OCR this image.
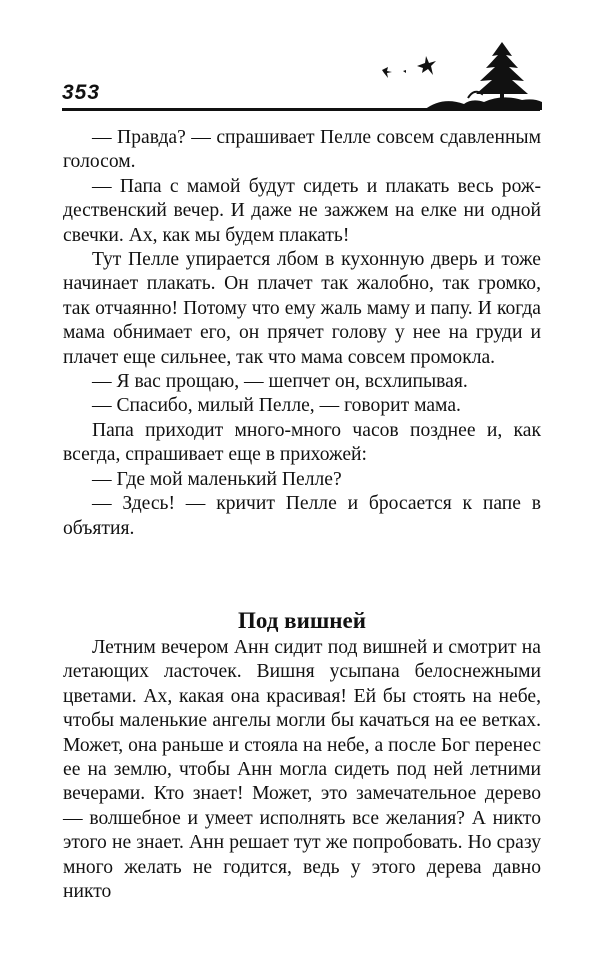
353

— Правда? — спрашивает Пелле совсем сдавленным голосом.

— Папа с мамой будут сидеть и плакать весь рождественский вечер. И даже не зажжем на елке ни одной свечки. Ах, как мы будем плакать!

Тут Пелле упирается лбом в кухонную дверь и тоже начинает плакать. Он плачет так жалобно, так громко, так отчаянно! Потому что ему жаль маму и папу. И когда мама обнимает его, он прячет голову у нее на груди и плачет еще сильнее, так что мама совсем промокла.

— Я вас прощаю, — шепчет он, всхлипывая.

— Спасибо, милый Пелле, — говорит мама.

Папа приходит много-много часов позднее и, как всегда, спрашивает еще в прихожей:

— Где мой маленький Пелле?

— Здесь! — кричит Пелле и бросается к папе в объятия.

Под вишней

Летним вечером Анн сидит под вишней и смотрит на летающих ласточек. Вишня усыпана белоснежными цветами. Ах, какая она красивая! Ей бы стоять на небе, чтобы маленькие ангелы могли бы качаться на ее ветках. Может, она раньше и стояла на небе, а после Бог перенес ее на землю, чтобы Анн могла сидеть под ней летними вечерами. Кто знает! Может, это замечательное дерево — волшебное и умеет исполнять все желания? А никто этого не знает. Анн решает тут же попробовать. Но сразу много желать не годится, ведь у этого дерева давно никто
